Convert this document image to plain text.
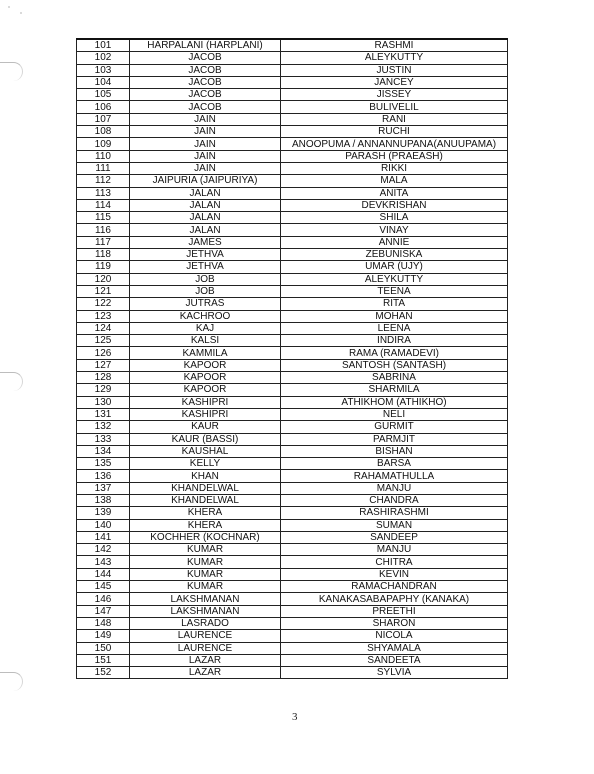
101	HARPALANI (HARPLANI)	RASHMI
102	JACOB	ALEYKUTTY
103	JACOB	JUSTIN
104	JACOB	JANCEY
105	JACOB	JISSEY
106	JACOB	BULIVELIL
107	JAIN	RANI
108	JAIN	RUCHI
109	JAIN	ANOOPUMA / ANNANNUPANA(ANUUPAMA)
110	JAIN	PARASH (PRAEASH)
111	JAIN	RIKKI
112	JAIPURIA (JAIPURIYA)	MALA
113	JALAN	ANITA
114	JALAN	DEVKRISHAN
115	JALAN	SHILA
116	JALAN	VINAY
117	JAMES	ANNIE
118	JETHVA	ZEBUNISKA
119	JETHVA	UMAR (UJY)
120	JOB	ALEYKUTTY
121	JOB	TEENA
122	JUTRAS	RITA
123	KACHROO	MOHAN
124	KAJ	LEENA
125	KALSI	INDIRA
126	KAMMILA	RAMA (RAMADEVI)
127	KAPOOR	SANTOSH (SANTASH)
128	KAPOOR	SABRINA
129	KAPOOR	SHARMILA
130	KASHIPRI	ATHIKHOM (ATHIKHO)
131	KASHIPRI	NELI
132	KAUR	GURMIT
133	KAUR (BASSI)	PARMJIT
134	KAUSHAL	BISHAN
135	KELLY	BARSA
136	KHAN	RAHAMATHULLA
137	KHANDELWAL	MANJU
138	KHANDELWAL	CHANDRA
139	KHERA	RASHIRASHMI
140	KHERA	SUMAN
141	KOCHHER (KOCHNAR)	SANDEEP
142	KUMAR	MANJU
143	KUMAR	CHITRA
144	KUMAR	KEVIN
145	KUMAR	RAMACHANDRAN
146	LAKSHMANAN	KANAKASABAPAPHY (KANAKA)
147	LAKSHMANAN	PREETHI
148	LASRADO	SHARON
149	LAURENCE	NICOLA
150	LAURENCE	SHYAMALA
151	LAZAR	SANDEETA
152	LAZAR	SYLVIA
3
